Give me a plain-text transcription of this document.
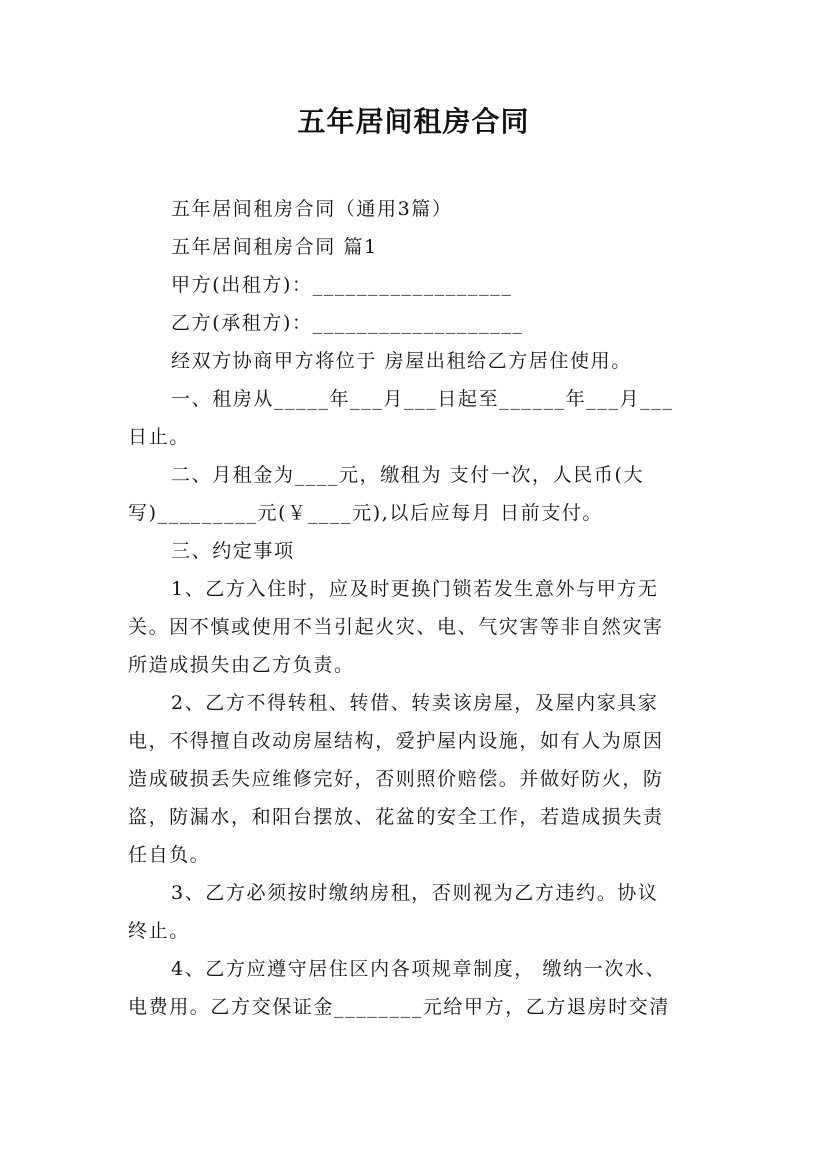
五年居间租房合同
五年居间租房合同（通用3篇）
五年居间租房合同 篇1
甲方(出租方)：__________________
乙方(承租方)：___________________
经双方协商甲方将位于 房屋出租给乙方居住使用。
一、租房从_____年___月___日起至______年___月___
日止。
二、月租金为____元，缴租为 支付一次，人民币(大
写)_________元(￥____元),以后应每月 日前支付。
三、约定事项
1、乙方入住时，应及时更换门锁若发生意外与甲方无
关。因不慎或使用不当引起火灾、电、气灾害等非自然灾害
所造成损失由乙方负责。
2、乙方不得转租、转借、转卖该房屋，及屋内家具家
电，不得擅自改动房屋结构，爱护屋内设施，如有人为原因
造成破损丢失应维修完好，否则照价赔偿。并做好防火，防
盗，防漏水，和阳台摆放、花盆的安全工作，若造成损失责
任自负。
3、乙方必须按时缴纳房租，否则视为乙方违约。协议
终止。
4、乙方应遵守居住区内各项规章制度， 缴纳一次水、
电费用。乙方交保证金________元给甲方，乙方退房时交清
